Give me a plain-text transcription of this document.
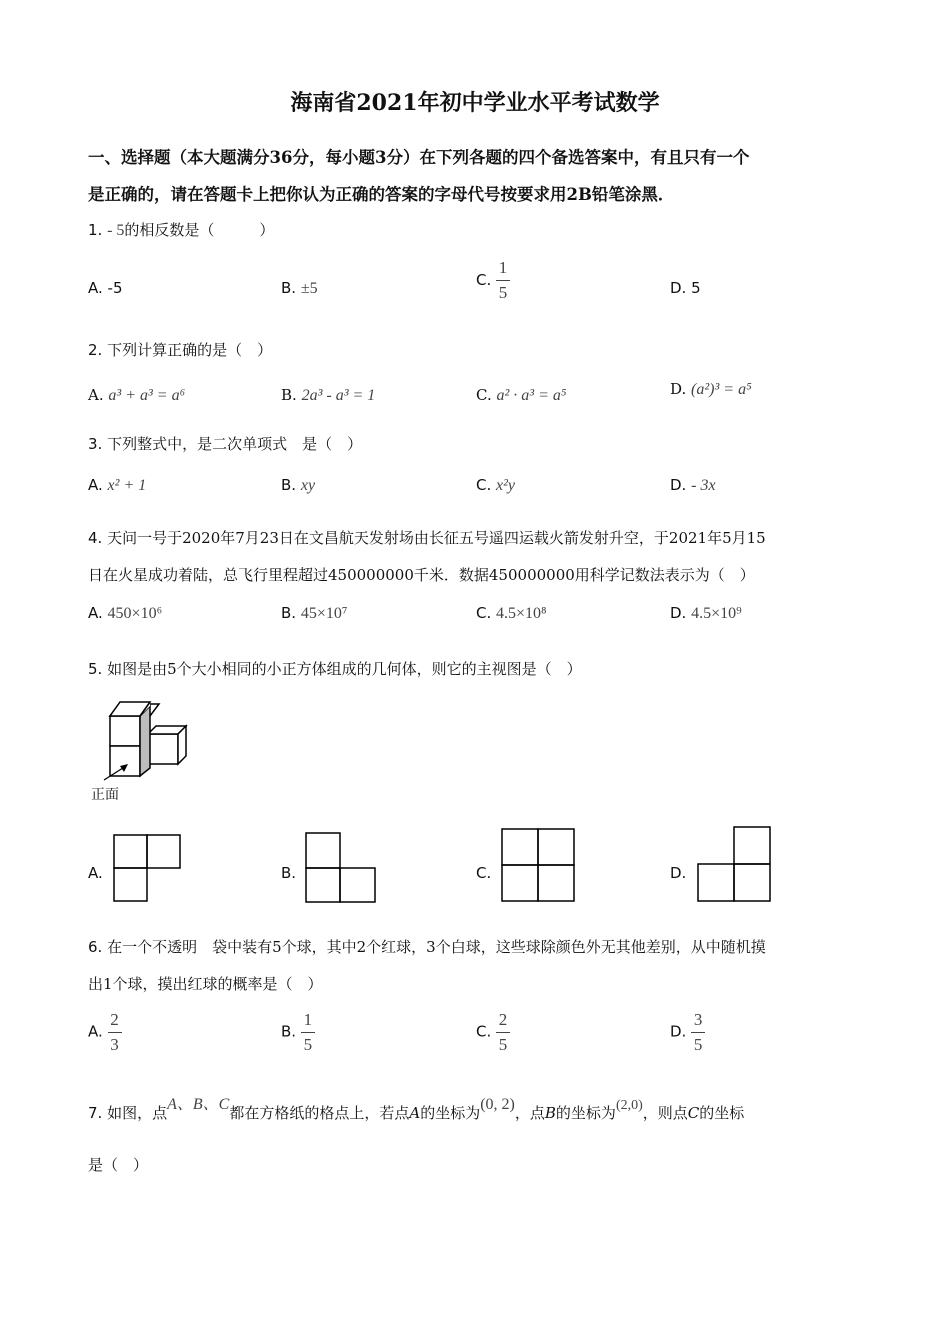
海南省2021年初中学业水平考试数学
一、选择题（本大题满分36分，每小题3分）在下列各题的四个备选答案中，有且只有一个
是正确的，请在答题卡上把你认为正确的答案的字母代号按要求用2B铅笔涂黑．
1. - 5的相反数是（　　　）
A. -5	B. ±5	C. $\frac{1}{5}$	D. 5
2. 下列计算正确的是（　）
A. a³ + a³ = a⁶	B. 2a³ - a³ = 1	C. a² · a³ = a⁵	D. (a²)³ = a⁵
3. 下列整式中，是二次单项式　是（　）
A. x² + 1	B. xy	C. x²y	D. - 3x
4. 天问一号于2020年7月23日在文昌航天发射场由长征五号遥四运载火箭发射升空，于2021年5月15
日在火星成功着陆，总飞行里程超过450000000千米．数据450000000用科学记数法表示为（　）
A. 450×10⁶	B. 45×10⁷	C. 4.5×10⁸	D. 4.5×10⁹
5. 如图是由5个大小相同的小正方体组成的几何体，则它的主视图是（　）
正面
A.	B.	C.	D.
6. 在一个不透明　袋中装有5个球，其中2个红球，3个白球，这些球除颜色外无其他差别，从中随机摸
出1个球，摸出红球的概率是（　）
A. $\frac{2}{3}$	B. $\frac{1}{5}$	C. $\frac{2}{5}$	D. $\frac{3}{5}$
7. 如图，点A、B、C都在方格纸的格点上，若点A的坐标为(0, 2)，点B的坐标为(2,0)，则点C的坐标
是（　）
